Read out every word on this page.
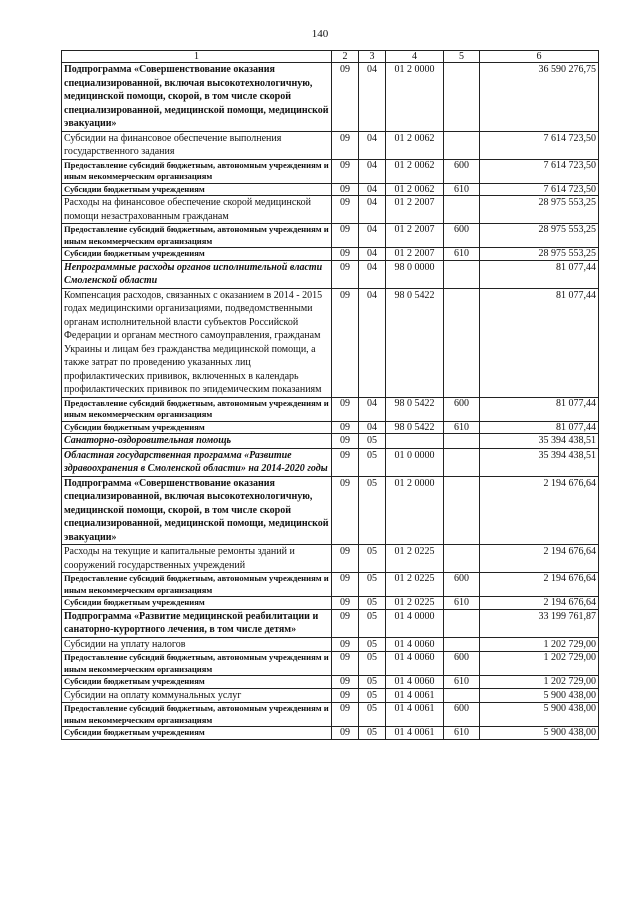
140
1	2	3	4	5	6
Подпрограмма «Совершенствование оказания специализированной, включая высокотехнологичную, медицинской помощи, скорой, в том числе скорой специализированной, медицинской помощи, медицинской эвакуации»	09	04	01 2 0000		36 590 276,75
Субсидии на финансовое обеспечение выполнения государственного задания	09	04	01 2 0062		7 614 723,50
Предоставление субсидий бюджетным, автономным учреждениям и иным некоммерческим организациям	09	04	01 2 0062	600	7 614 723,50
Субсидии бюджетным учреждениям	09	04	01 2 0062	610	7 614 723,50
Расходы на финансовое обеспечение скорой медицинской помощи незастрахованным гражданам	09	04	01 2 2007		28 975 553,25
Предоставление субсидий бюджетным, автономным учреждениям и иным некоммерческим организациям	09	04	01 2 2007	600	28 975 553,25
Субсидии бюджетным учреждениям	09	04	01 2 2007	610	28 975 553,25
Непрограммные расходы органов исполнительной власти Смоленской области	09	04	98 0 0000		81 077,44
Компенсация расходов, связанных с оказанием в 2014 - 2015 годах медицинскими организациями, подведомственными органам исполнительной власти субъектов Российской Федерации и органам местного самоуправления, гражданам Украины и лицам без гражданства медицинской помощи, а также затрат по проведению указанных лиц профилактических прививок, включенных в календарь профилактических прививок по эпидемическим показаниям	09	04	98 0 5422		81 077,44
Предоставление субсидий бюджетным, автономным учреждениям и иным некоммерческим организациям	09	04	98 0 5422	600	81 077,44
Субсидии бюджетным учреждениям	09	04	98 0 5422	610	81 077,44
Санаторно-оздоровительная помощь	09	05			35 394 438,51
Областная государственная программа «Развитие здравоохранения в Смоленской области» на 2014-2020 годы	09	05	01 0 0000		35 394 438,51
Подпрограмма «Совершенствование оказания специализированной, включая высокотехнологичную, медицинской помощи, скорой, в том числе скорой специализированной, медицинской помощи, медицинской эвакуации»	09	05	01 2 0000		2 194 676,64
Расходы на текущие и капитальные ремонты зданий и сооружений государственных учреждений	09	05	01 2 0225		2 194 676,64
Предоставление субсидий бюджетным, автономным учреждениям и иным некоммерческим организациям	09	05	01 2 0225	600	2 194 676,64
Субсидии бюджетным учреждениям	09	05	01 2 0225	610	2 194 676,64
Подпрограмма «Развитие медицинской реабилитации и санаторно-курортного лечения, в том числе детям»	09	05	01 4 0000		33 199 761,87
Субсидии на уплату налогов	09	05	01 4 0060		1 202 729,00
Предоставление субсидий бюджетным, автономным учреждениям и иным некоммерческим организациям	09	05	01 4 0060	600	1 202 729,00
Субсидии бюджетным учреждениям	09	05	01 4 0060	610	1 202 729,00
Субсидии на оплату коммунальных услуг	09	05	01 4 0061		5 900 438,00
Предоставление субсидий бюджетным, автономным учреждениям и иным некоммерческим организациям	09	05	01 4 0061	600	5 900 438,00
Субсидии бюджетным учреждениям	09	05	01 4 0061	610	5 900 438,00
